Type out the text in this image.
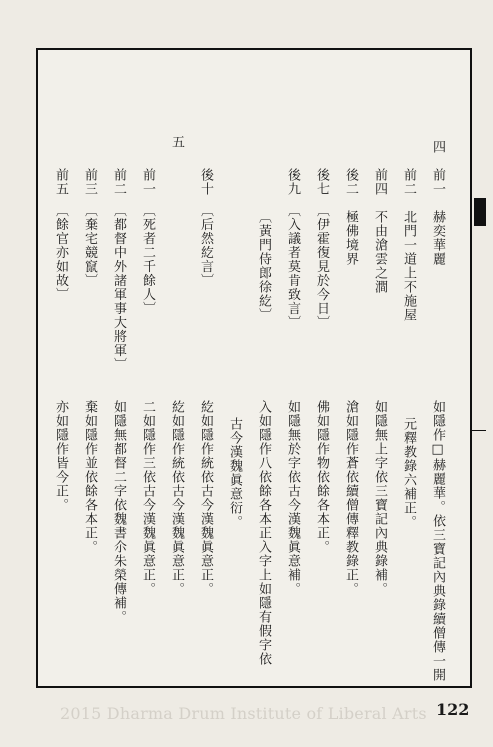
四　前一　赫奕華麗
前二　北門一道上不施屋
前四　不由滄雲之澗
後二　極佛境界
後七　〔伊霍復見於今日〕
後九　〔入議者莫肯致言〕
〔黃門侍郎徐紇〕
後十　〔后然紇言〕
五
前一　〔死者二千餘人〕
前二　〔都督中外諸軍事大將軍〕
前三　〔棄宅競竄〕
前五　〔餘官亦如故〕
如隱作□赫麗華。依三寶記內典錄續僧傳一開
元釋教錄六補正。
如隱無上字依三寶記內典錄補。
滄如隱作蒼依續僧傳釋教錄正。
佛如隱作物依餘各本正。
如隱無於字依古今漢魏眞意補。
入如隱作八依餘各本正入字上如隱有假字依
古今漢魏眞意衍。
紇如隱作統依古今漢魏眞意正。
紇如隱作統依古今漢魏眞意正。
二如隱作三依古今漢魏眞意正。
如隱無都督二字依魏書尒朱榮傳補。
棄如隱作並依餘各本正。
亦如隱作皆今正。
2015 Dharma Drum Institute of Liberal Arts 122
